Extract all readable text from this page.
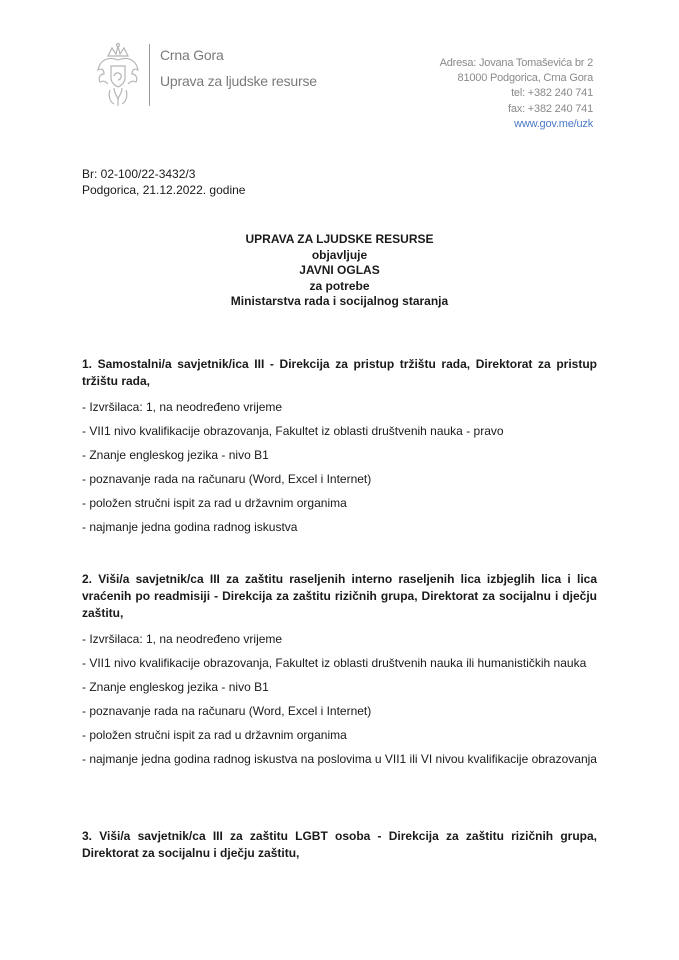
Crna Gora
Uprava za ljudske resurse
Adresa: Jovana Tomaševića br 2
81000 Podgorica, Crna Gora
tel: +382 240 741
fax: +382 240 741
www.gov.me/uzk
Br: 02-100/22-3432/3
Podgorica, 21.12.2022. godine
UPRAVA ZA LJUDSKE RESURSE
objavljuje
JAVNI OGLAS
za potrebe
Ministarstva rada i socijalnog staranja
1. Samostalni/a savjetnik/ica III - Direkcija za pristup tržištu rada, Direktorat za pristup tržištu rada,
- Izvršilaca: 1, na neodređeno vrijeme
- VII1 nivo kvalifikacije obrazovanja, Fakultet iz oblasti društvenih nauka - pravo
- Znanje engleskog jezika - nivo B1
- poznavanje rada na računaru (Word, Excel i Internet)
- položen stručni ispit za rad u državnim organima
- najmanje jedna godina radnog iskustva
2. Viši/a savjetnik/ca III za zaštitu raseljenih interno raseljenih lica izbjeglih lica i lica vraćenih po readmisiji - Direkcija za zaštitu rizičnih grupa, Direktorat za socijalnu i dječju zaštitu,
- Izvršilaca: 1, na neodređeno vrijeme
- VII1 nivo kvalifikacije obrazovanja, Fakultet iz oblasti društvenih nauka ili humanističkih nauka
- Znanje engleskog jezika - nivo B1
- poznavanje rada na računaru (Word, Excel i Internet)
- položen stručni ispit za rad u državnim organima
- najmanje jedna godina radnog iskustva na poslovima u VII1 ili VI nivou kvalifikacije obrazovanja
3. Viši/a savjetnik/ca III za zaštitu LGBT osoba - Direkcija za zaštitu rizičnih grupa, Direktorat za socijalnu i dječju zaštitu,
